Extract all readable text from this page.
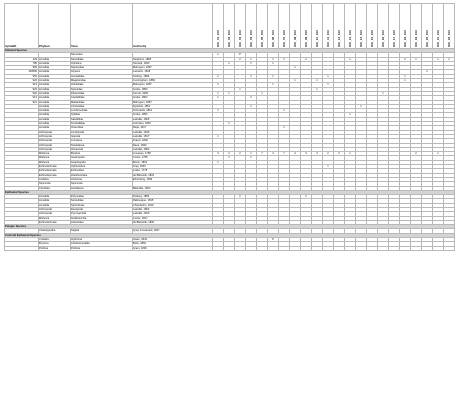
AphiaID	Phylum	Taxa	Authority	ICC_01_Ctrl	ICC_02_Ctrl	ICC_03_Ctrl	ICC_04_Ctrl	ICC_05_Ctrl	ICC_06_Ctrl	ICC_07_Ctrl	ICC_08_Ctrl	ICC_09_Ctrl	ICC_10_Ctrl	ICC_11_Ctrl	ICC_12_Ctrl	ICC_13_Ctrl	ICC_14_Ctrl	ICC_15_Ctrl	ICC_16_Ctrl	ICC_17_Ctrl	ICC_18_Ctrl	ICC_19_Ctrl	ICC_20_Ctrl	ICC_21_Ctrl	ICC_22_Ctrl
Infaunal Species																									
		Nemertea		1		P																			
129	Annelida	Nereididae	Stephens, 1865			2	1		1	1		2				1					2	1		1	1
786	Annelida	Ophelina	Oersted, 1843		1		1		1																
983	Annelida	Nephtyidae	Malmgren, 1867								1														
130596	Annelida	Glycera	Lamarck, 1818																				1		
954	Annelida	Goniadidae	Kinberg, 1866	2			1		1					1							1				
924	Annelida	Magelonidae	Cunningham, 1884								1		1								1				
913	Annelida	Opheliidae	Malmgren, 1867	1					1					1											
923	Annelida	Spionidae	Grube, 1850			1							1												
902	Annelida	Paraonidae	Cerruti, 1909	1	1			1											1						
914	Annelida	Capitellidae	Grube, 1862	1			2																		
921	Annelida	Maldanidae	Malmgren, 1867																						
	Annelida	Cirratulidae	Ryckholt, 1851				1										1								
	Annelida	Lumbrineridae	Schmarda, 1861	1						1															
	Annelida	Syllidae	Grube, 1850													1									
	Annelida	Sabellidae	Latreille, 1825																						
	Annelida	Terebellidae	Johnston, 1846		1																				
	Annelida	Oweniidae	Rioja, 1917							1															
	Arthropoda	Amphipoda	Latreille, 1816																						
	Arthropoda	Isopoda	Latreille, 1817	1																					
	Arthropoda	Cumacea	Krøyer, 1846																						
	Arthropoda	Tanaidacea	Dana, 1849																						
	Arthropoda	Ostracoda	Latreille, 1802																						
	Mollusca	Bivalvia	Linnaeus, 1758	3	2	2	1	7	4	7	4	3	4	2	2	1						2		1	
	Mollusca	Gastropoda	Cuvier, 1795		1		1																		
	Mollusca	Scaphopoda	Bronn, 1862	1																					
	Echinodermata	Ophiuroidea	Gray, 1840											1											
	Echinodermata	Echinoidea	Leske, 1778																						
	Echinodermata	Holothuroidea	de Blainville, 1834																						
	Cnidaria	Anthozoa	Ehrenberg, 1834																						
	Sipuncula	Sipuncula																							
	Chordata	Ascidiacea	Blainville, 1824																						
Epifaunal Species																									
	Annelida	Polynoidae	Kinberg, 1856			2						2													
	Annelida	Serpulidae	Rafinesque, 1815																						
	Annelida	Spirorbinae	Chamberlin, 1919																						
	Arthropoda	Decapoda	Latreille, 1802																						
	Arthropoda	Pycnogonida	Latreille, 1810																						
	Mollusca	Nudibranchia	Cuvier, 1817																						
	Echinodermata	Asteroidea	de Blainville, 1830																						
Pelagic Species																									
	Chaetognatha	Sagitta	Quoy & Gaimard, 1827																						
Colonial Epifaunal Species																									
	Cnidaria	Hydrozoa	Owen, 1843						P																
	Bryozoa	Cheilostomatida	Busk, 1852																						
	Porifera	Porifera	Grant, 1836																						
